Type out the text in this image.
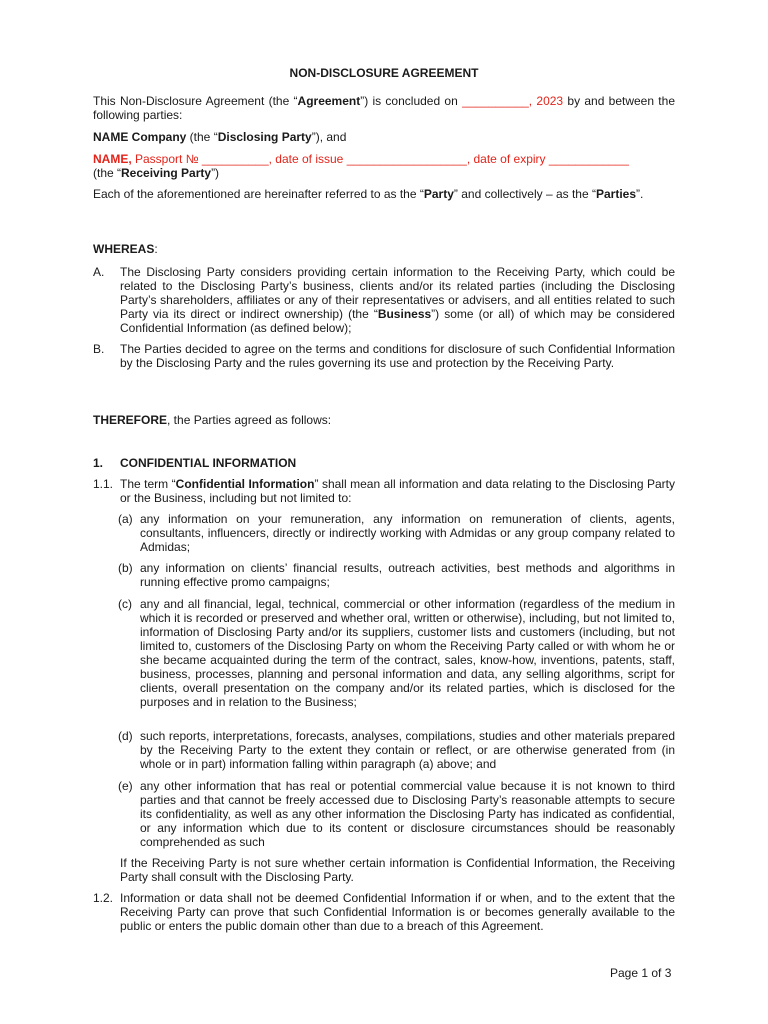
NON-DISCLOSURE AGREEMENT
This Non-Disclosure Agreement (the “Agreement”) is concluded on __________, 2023 by and between the following parties:
NAME Company (the “Disclosing Party”), and
NAME, Passport № __________, date of issue __________________, date of expiry ____________
(the “Receiving Party”)
Each of the aforementioned are hereinafter referred to as the “Party” and collectively – as the “Parties”.
WHEREAS:
A. The Disclosing Party considers providing certain information to the Receiving Party, which could be related to the Disclosing Party’s business, clients and/or its related parties (including the Disclosing Party’s shareholders, affiliates or any of their representatives or advisers, and all entities related to such Party via its direct or indirect ownership) (the “Business”) some (or all) of which may be considered Confidential Information (as defined below);
B. The Parties decided to agree on the terms and conditions for disclosure of such Confidential Information by the Disclosing Party and the rules governing its use and protection by the Receiving Party.
THEREFORE, the Parties agreed as follows:
1. CONFIDENTIAL INFORMATION
1.1. The term “Confidential Information” shall mean all information and data relating to the Disclosing Party or the Business, including but not limited to:
(a) any information on your remuneration, any information on remuneration of clients, agents, consultants, influencers, directly or indirectly working with Admidas or any group company related to Admidas;
(b) any information on clients’ financial results, outreach activities, best methods and algorithms in running effective promo campaigns;
(c) any and all financial, legal, technical, commercial or other information (regardless of the medium in which it is recorded or preserved and whether oral, written or otherwise), including, but not limited to, information of Disclosing Party and/or its suppliers, customer lists and customers (including, but not limited to, customers of the Disclosing Party on whom the Receiving Party called or with whom he or she became acquainted during the term of the contract, sales, know-how, inventions, patents, staff, business, processes, planning and personal information and data, any selling algorithms, script for clients, overall presentation on the company and/or its related parties, which is disclosed for the purposes and in relation to the Business;
(d) such reports, interpretations, forecasts, analyses, compilations, studies and other materials prepared by the Receiving Party to the extent they contain or reflect, or are otherwise generated from (in whole or in part) information falling within paragraph (a) above; and
(e) any other information that has real or potential commercial value because it is not known to third parties and that cannot be freely accessed due to Disclosing Party’s reasonable attempts to secure its confidentiality, as well as any other information the Disclosing Party has indicated as confidential, or any information which due to its content or disclosure circumstances should be reasonably comprehended as such
If the Receiving Party is not sure whether certain information is Confidential Information, the Receiving Party shall consult with the Disclosing Party.
1.2. Information or data shall not be deemed Confidential Information if or when, and to the extent that the Receiving Party can prove that such Confidential Information is or becomes generally available to the public or enters the public domain other than due to a breach of this Agreement.
Page 1 of 3
